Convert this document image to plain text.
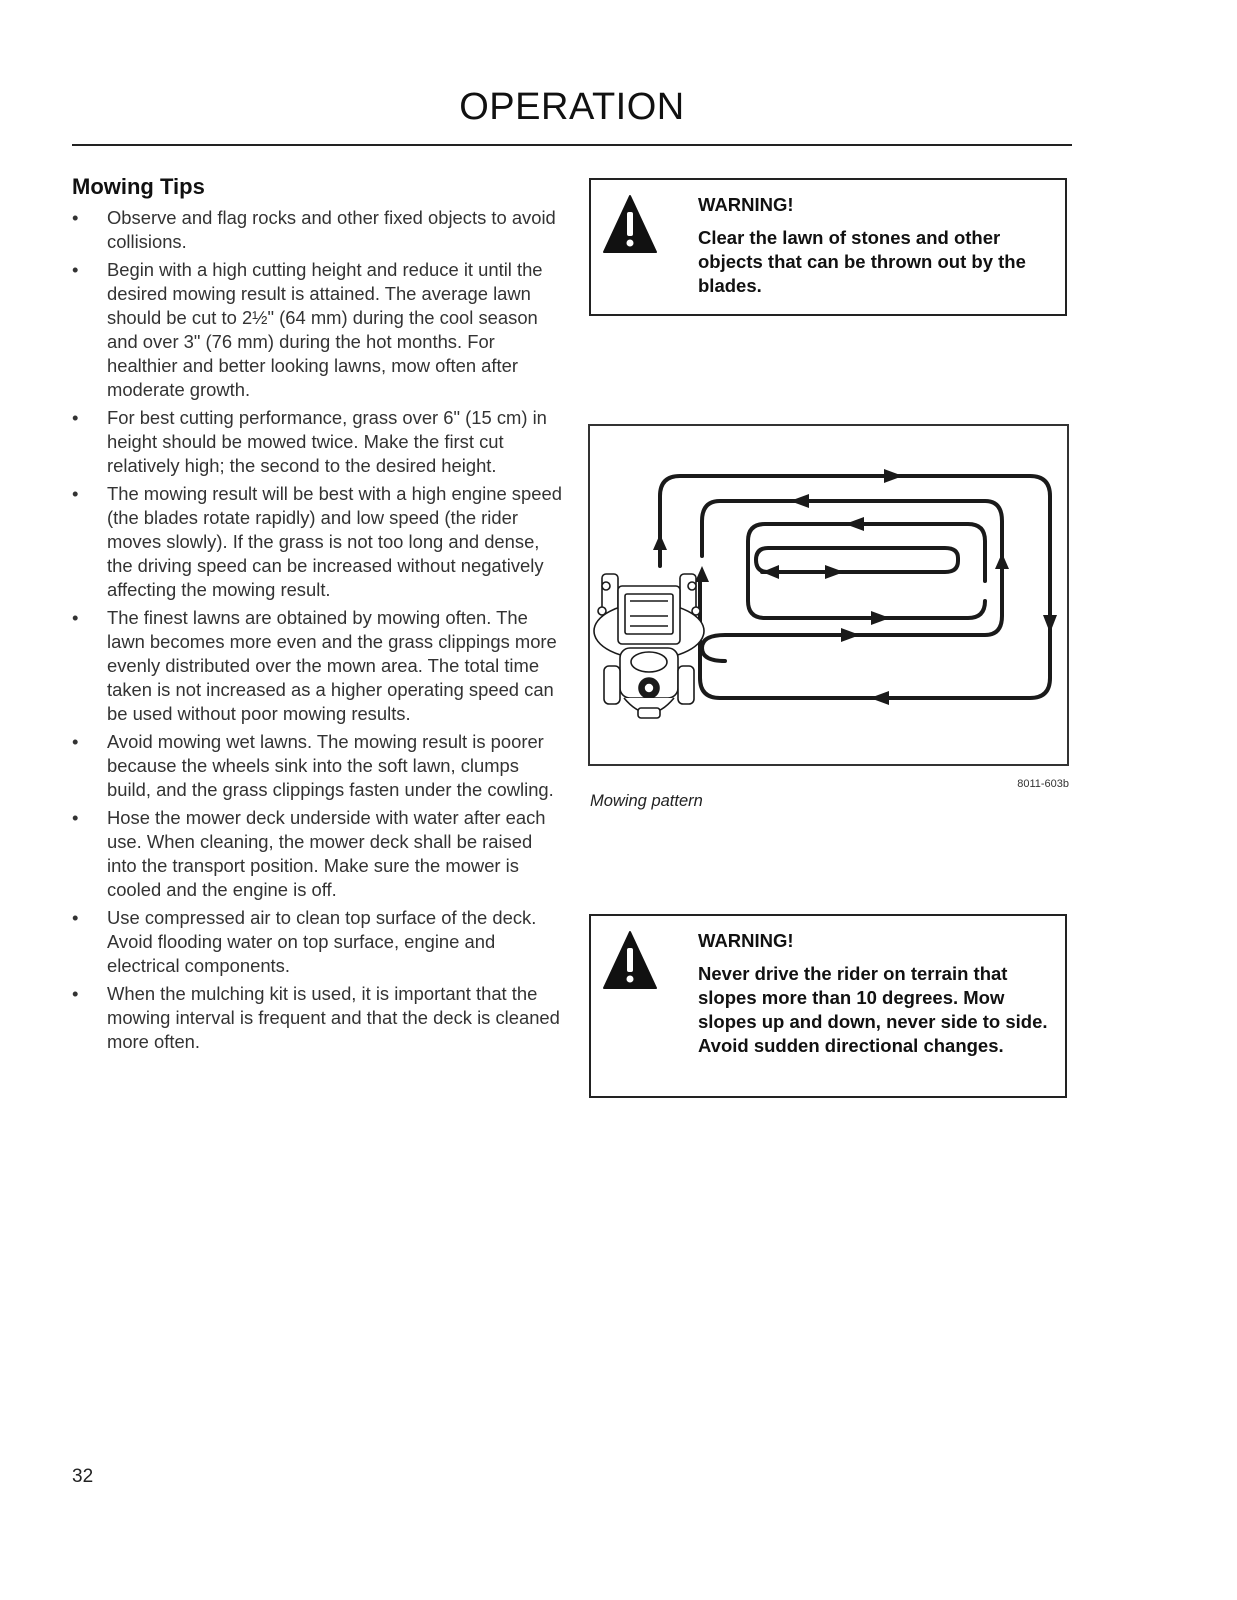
OPERATION
Mowing Tips
• Observe and flag rocks and other fixed objects to avoid collisions.
• Begin with a high cutting height and reduce it until the desired mowing result is attained. The average lawn should be cut to 2½" (64 mm) during the cool season and over 3" (76 mm) during the hot months. For healthier and better looking lawns, mow often after moderate growth.
• For best cutting performance, grass over 6" (15 cm) in height should be mowed twice. Make the first cut relatively high; the second to the desired height.
• The mowing result will be best with a high engine speed (the blades rotate rapidly) and low speed (the rider moves slowly). If the grass is not too long and dense, the driving speed can be increased without negatively affecting the mowing result.
• The finest lawns are obtained by mowing often. The lawn becomes more even and the grass clippings more evenly distributed over the mown area. The total time taken is not increased as a higher operating speed can be used without poor mowing results.
• Avoid mowing wet lawns. The mowing result is poorer because the wheels sink into the soft lawn, clumps build, and the grass clippings fasten under the cowling.
• Hose the mower deck underside with water after each use. When cleaning, the mower deck shall be raised into the transport position. Make sure the mower is cooled and the engine is off.
• Use compressed air to clean top surface of the deck. Avoid flooding water on top surface, engine and electrical components.
• When the mulching kit is used, it is important that the mowing interval is frequent and that the deck is cleaned more often.

WARNING!

Clear the lawn of stones and other objects that can be thrown out by the blades.

8011-603b
Mowing pattern

WARNING!

Never drive the rider on terrain that slopes more than 10 degrees. Mow slopes up and down, never side to side. Avoid sudden directional changes.

32
